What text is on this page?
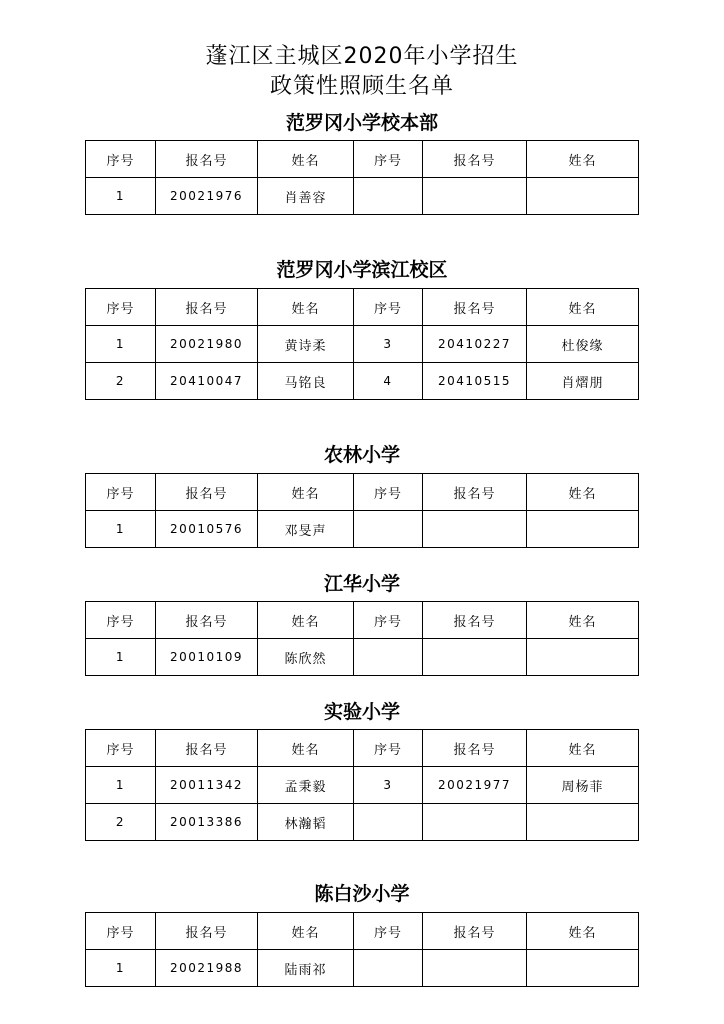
蓬江区主城区2020年小学招生
政策性照顾生名单
范罗冈小学校本部
序号	报名号	姓名	序号	报名号	姓名
1	20021976	肖善容			
范罗冈小学滨江校区
序号	报名号	姓名	序号	报名号	姓名
1	20021980	黄诗柔	3	20410227	杜俊缘
2	20410047	马铭良	4	20410515	肖熠朋
农林小学
序号	报名号	姓名	序号	报名号	姓名
1	20010576	邓旻声			
江华小学
序号	报名号	姓名	序号	报名号	姓名
1	20010109	陈欣然			
实验小学
序号	报名号	姓名	序号	报名号	姓名
1	20011342	孟秉毅	3	20021977	周杨菲
2	20013386	林瀚韬			
陈白沙小学
序号	报名号	姓名	序号	报名号	姓名
1	20021988	陆雨祁			
